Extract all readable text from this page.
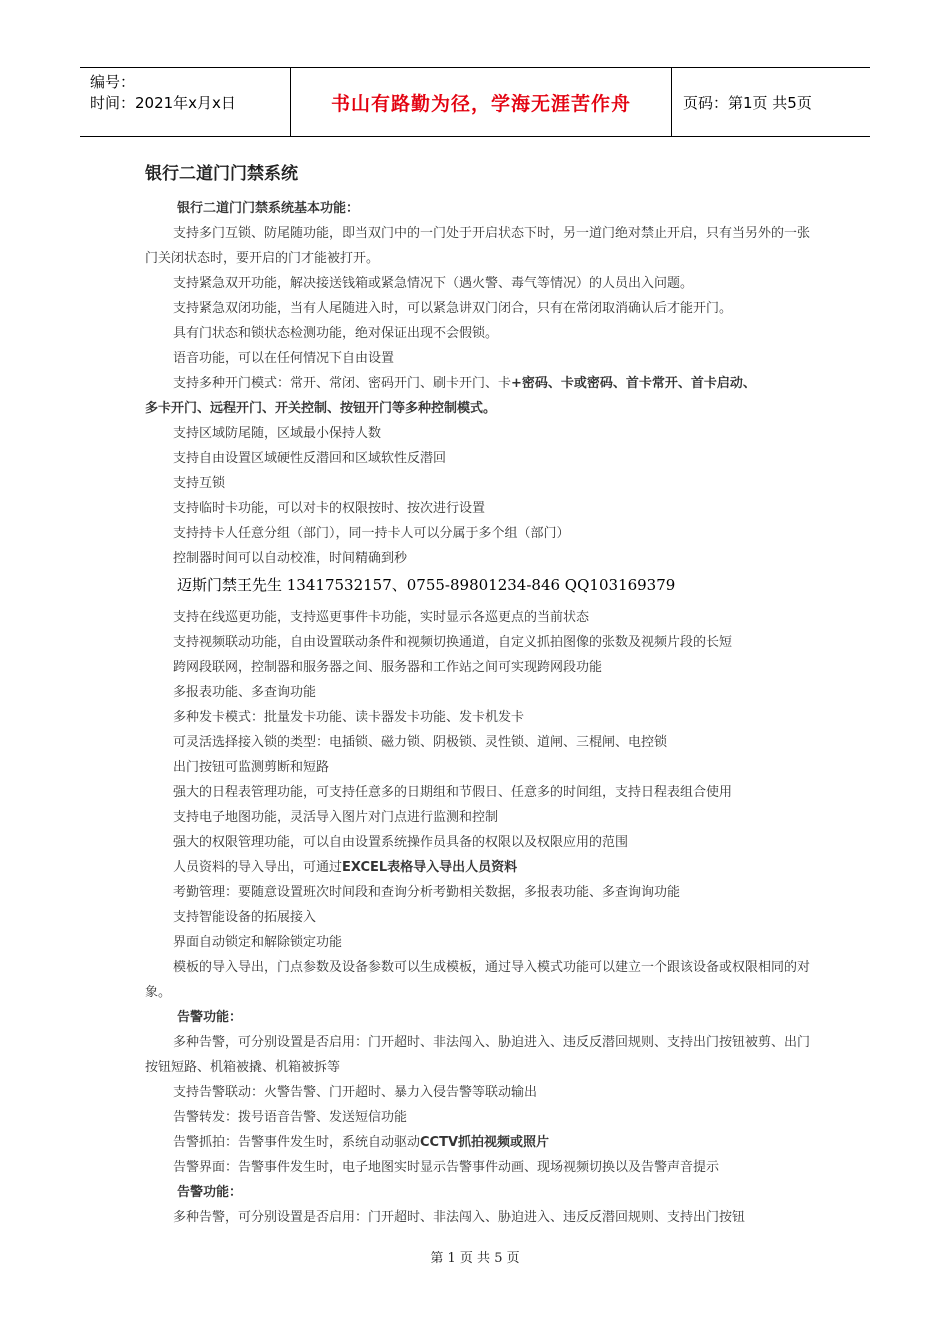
编号：
时间：2021年x月x日	书山有路勤为径，学海无涯苦作舟	页码：第1页 共5页
银行二道门门禁系统

银行二道门门禁系统基本功能：

支持多门互锁、防尾随功能，即当双门中的一门处于开启状态下时，另一道门绝对禁止开启，只有当另外的一张门关闭状态时，要开启的门才能被打开。

支持紧急双开功能，解决接送钱箱或紧急情况下（遇火警、毒气等情况）的人员出入问题。

支持紧急双闭功能，当有人尾随进入时，可以紧急讲双门闭合，只有在常闭取消确认后才能开门。

具有门状态和锁状态检测功能，绝对保证出现不会假锁。

语音功能，可以在任何情况下自由设置

支持多种开门模式：常开、常闭、密码开门、刷卡开门、卡+密码、卡或密码、首卡常开、首卡启动、

多卡开门、远程开门、开关控制、按钮开门等多种控制模式。

支持区域防尾随，区域最小保持人数

支持自由设置区域硬性反潜回和区域软性反潜回

支持互锁

支持临时卡功能，可以对卡的权限按时、按次进行设置

支持持卡人任意分组（部门），同一持卡人可以分属于多个组（部门）

控制器时间可以自动校准，时间精确到秒

迈斯门禁王先生 13417532157、0755-89801234-846 QQ103169379

支持在线巡更功能，支持巡更事件卡功能，实时显示各巡更点的当前状态

支持视频联动功能，自由设置联动条件和视频切换通道，自定义抓拍图像的张数及视频片段的长短

跨网段联网，控制器和服务器之间、服务器和工作站之间可实现跨网段功能

多报表功能、多查询功能

多种发卡模式：批量发卡功能、读卡器发卡功能、发卡机发卡

可灵活选择接入锁的类型：电插锁、磁力锁、阴极锁、灵性锁、道闸、三棍闸、电控锁

出门按钮可监测剪断和短路

强大的日程表管理功能，可支持任意多的日期组和节假日、任意多的时间组，支持日程表组合使用

支持电子地图功能，灵活导入图片对门点进行监测和控制

强大的权限管理功能，可以自由设置系统操作员具备的权限以及权限应用的范围

人员资料的导入导出，可通过EXCEL表格导入导出人员资料

考勤管理：要随意设置班次时间段和查询分析考勤相关数据，多报表功能、多查询询功能

支持智能设备的拓展接入

界面自动锁定和解除锁定功能

模板的导入导出，门点参数及设备参数可以生成模板，通过导入模式功能可以建立一个跟该设备或权限相同的对象。

告警功能：

多种告警，可分别设置是否启用：门开超时、非法闯入、胁迫进入、违反反潜回规则、支持出门按钮被剪、出门按钮短路、机箱被撬、机箱被拆等

支持告警联动：火警告警、门开超时、暴力入侵告警等联动输出

告警转发：拨号语音告警、发送短信功能

告警抓拍：告警事件发生时，系统自动驱动CCTV抓拍视频或照片

告警界面：告警事件发生时，电子地图实时显示告警事件动画、现场视频切换以及告警声音提示

告警功能：

多种告警，可分别设置是否启用：门开超时、非法闯入、胁迫进入、违反反潜回规则、支持出门按钮

第 1 页 共 5 页
